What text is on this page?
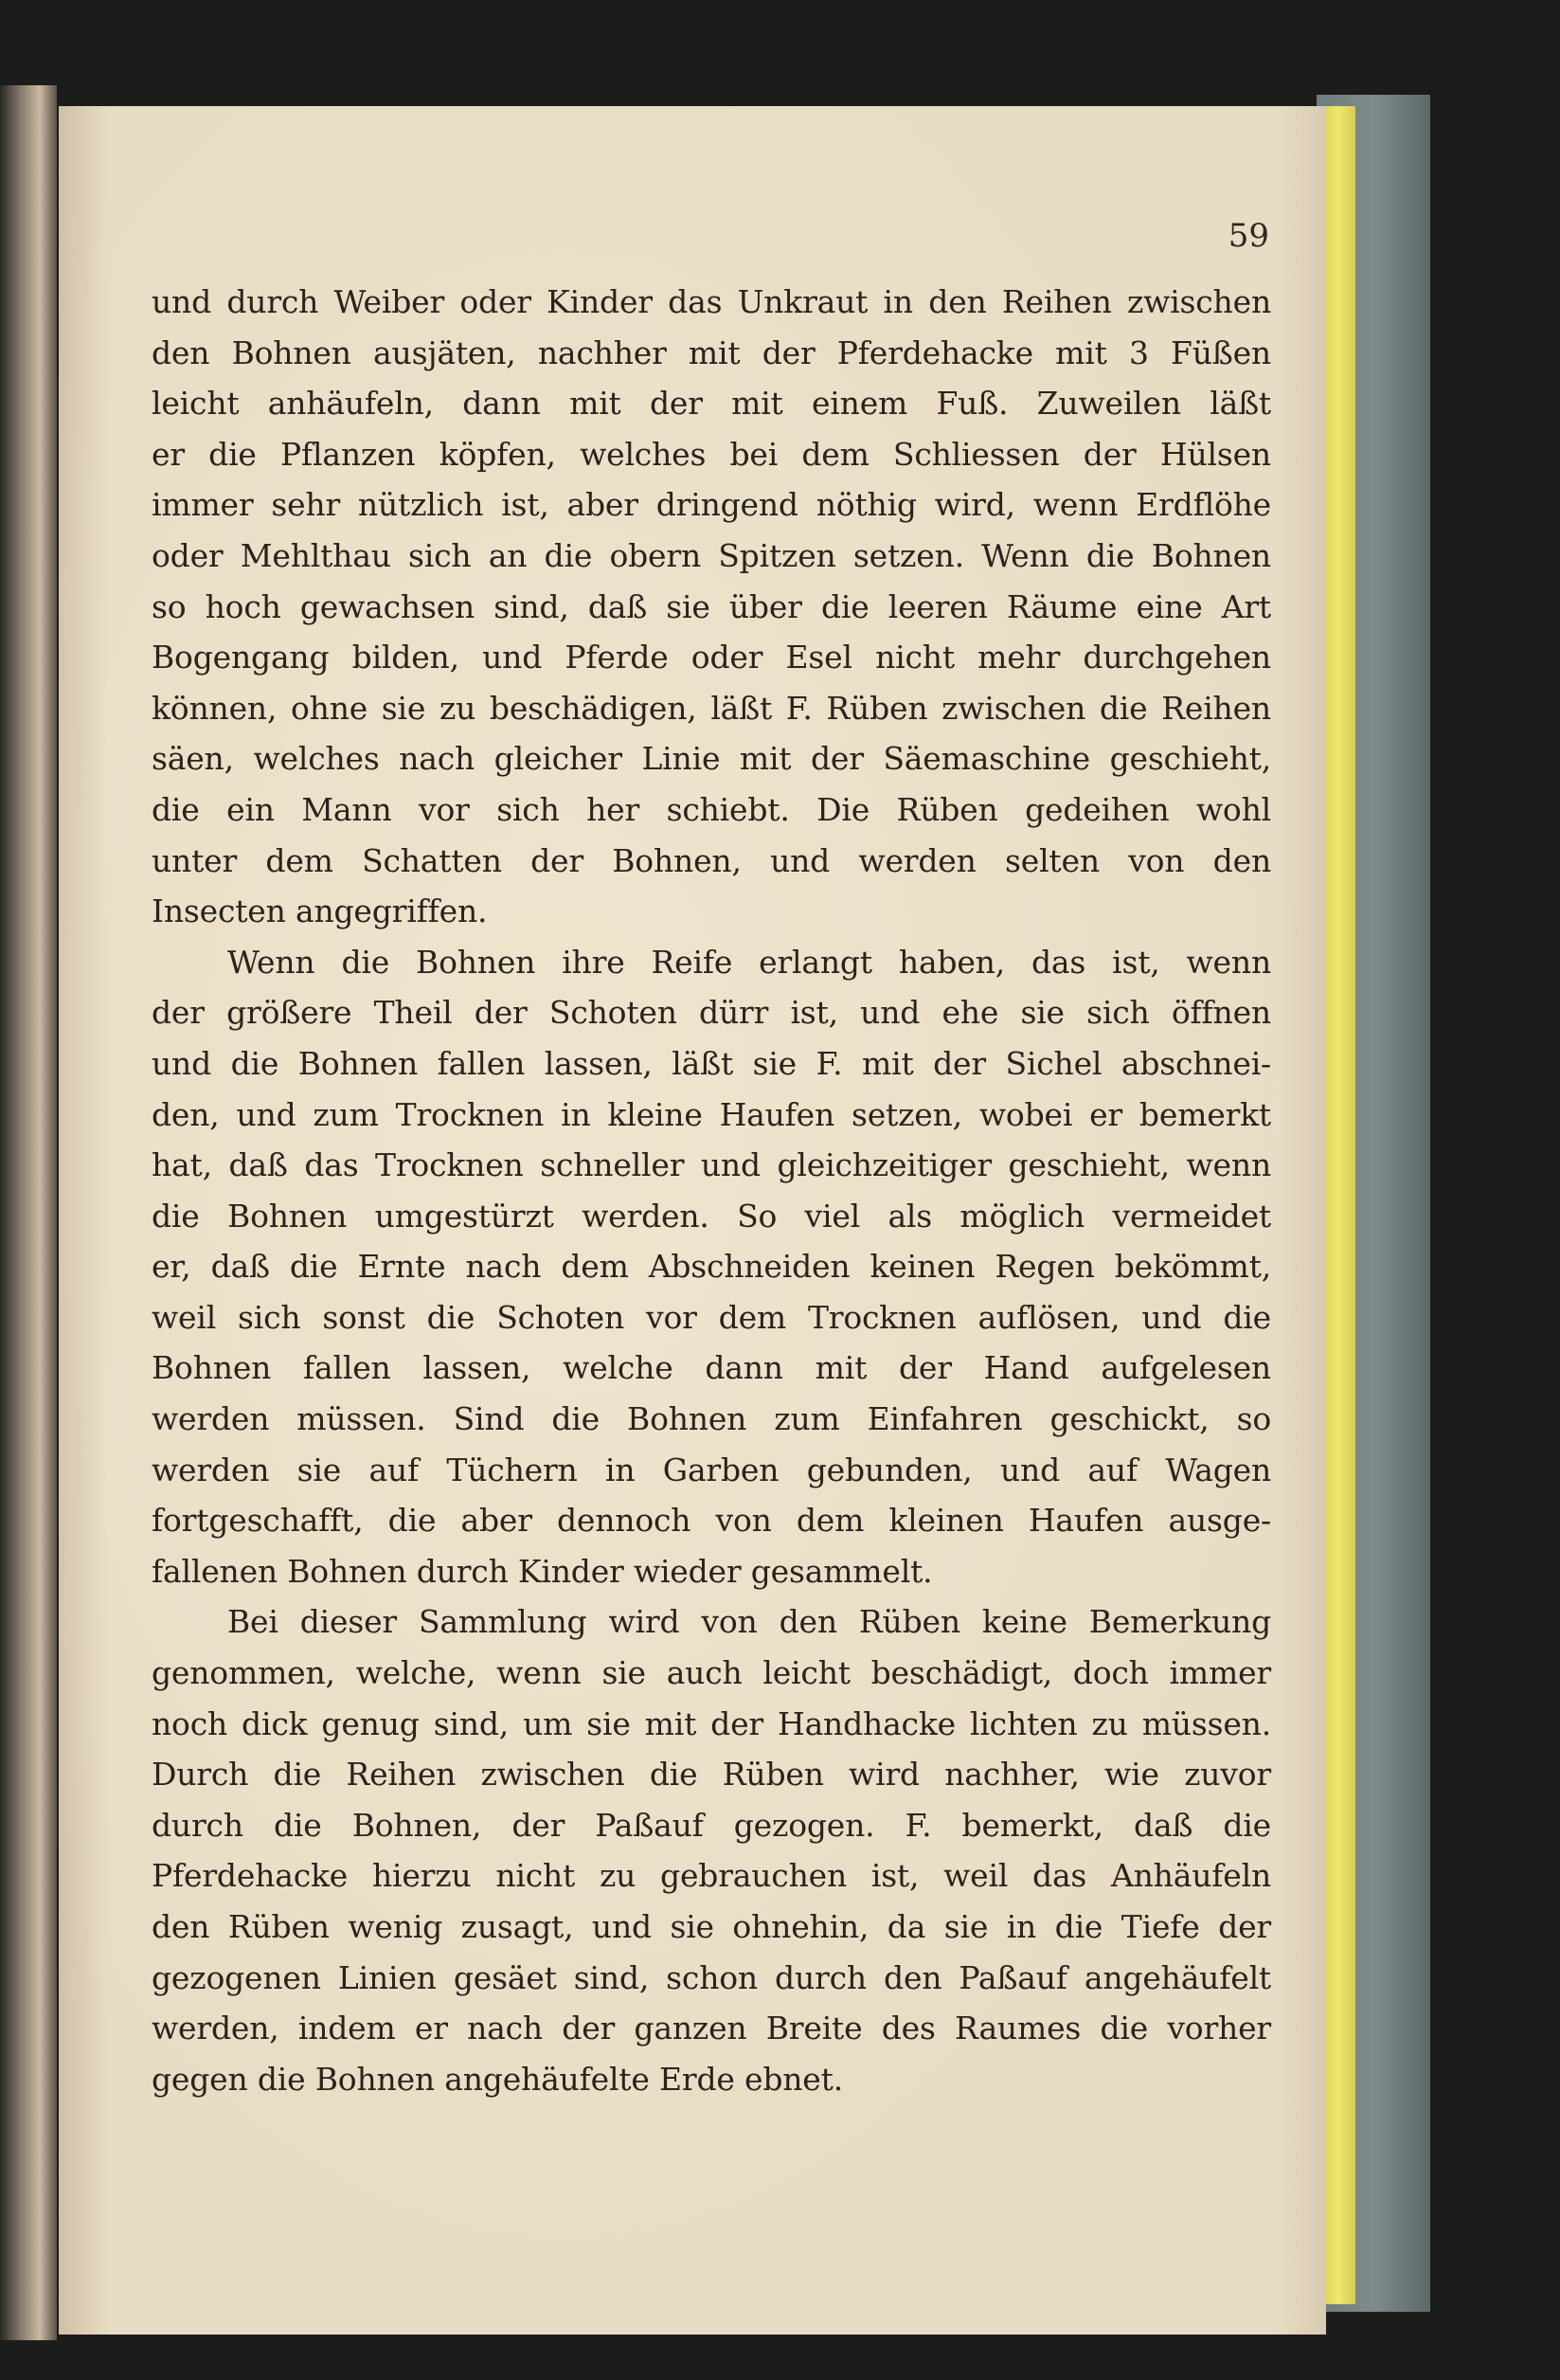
59
und durch Weiber oder Kinder das Unkraut in den Reihen zwischen
den Bohnen ausjäten, nachher mit der Pferdehacke mit 3 Füßen
leicht anhäufeln, dann mit der mit einem Fuß. Zuweilen läßt
er die Pflanzen köpfen, welches bei dem Schliessen der Hülsen
immer sehr nützlich ist, aber dringend nöthig wird, wenn Erdflöhe
oder Mehlthau sich an die obern Spitzen setzen. Wenn die Bohnen
so hoch gewachsen sind, daß sie über die leeren Räume eine Art
Bogengang bilden, und Pferde oder Esel nicht mehr durchgehen
können, ohne sie zu beschädigen, läßt F. Rüben zwischen die Reihen
säen, welches nach gleicher Linie mit der Säemaschine geschieht,
die ein Mann vor sich her schiebt. Die Rüben gedeihen wohl
unter dem Schatten der Bohnen, und werden selten von den
Insecten angegriffen.
Wenn die Bohnen ihre Reife erlangt haben, das ist, wenn
der größere Theil der Schoten dürr ist, und ehe sie sich öffnen
und die Bohnen fallen lassen, läßt sie F. mit der Sichel abschnei-
den, und zum Trocknen in kleine Haufen setzen, wobei er bemerkt
hat, daß das Trocknen schneller und gleichzeitiger geschieht, wenn
die Bohnen umgestürzt werden. So viel als möglich vermeidet
er, daß die Ernte nach dem Abschneiden keinen Regen bekömmt,
weil sich sonst die Schoten vor dem Trocknen auflösen, und die
Bohnen fallen lassen, welche dann mit der Hand aufgelesen
werden müssen. Sind die Bohnen zum Einfahren geschickt, so
werden sie auf Tüchern in Garben gebunden, und auf Wagen
fortgeschafft, die aber dennoch von dem kleinen Haufen ausge-
fallenen Bohnen durch Kinder wieder gesammelt.
Bei dieser Sammlung wird von den Rüben keine Bemerkung
genommen, welche, wenn sie auch leicht beschädigt, doch immer
noch dick genug sind, um sie mit der Handhacke lichten zu müssen.
Durch die Reihen zwischen die Rüben wird nachher, wie zuvor
durch die Bohnen, der Paßauf gezogen. F. bemerkt, daß die
Pferdehacke hierzu nicht zu gebrauchen ist, weil das Anhäufeln
den Rüben wenig zusagt, und sie ohnehin, da sie in die Tiefe der
gezogenen Linien gesäet sind, schon durch den Paßauf angehäufelt
werden, indem er nach der ganzen Breite des Raumes die vorher
gegen die Bohnen angehäufelte Erde ebnet.
